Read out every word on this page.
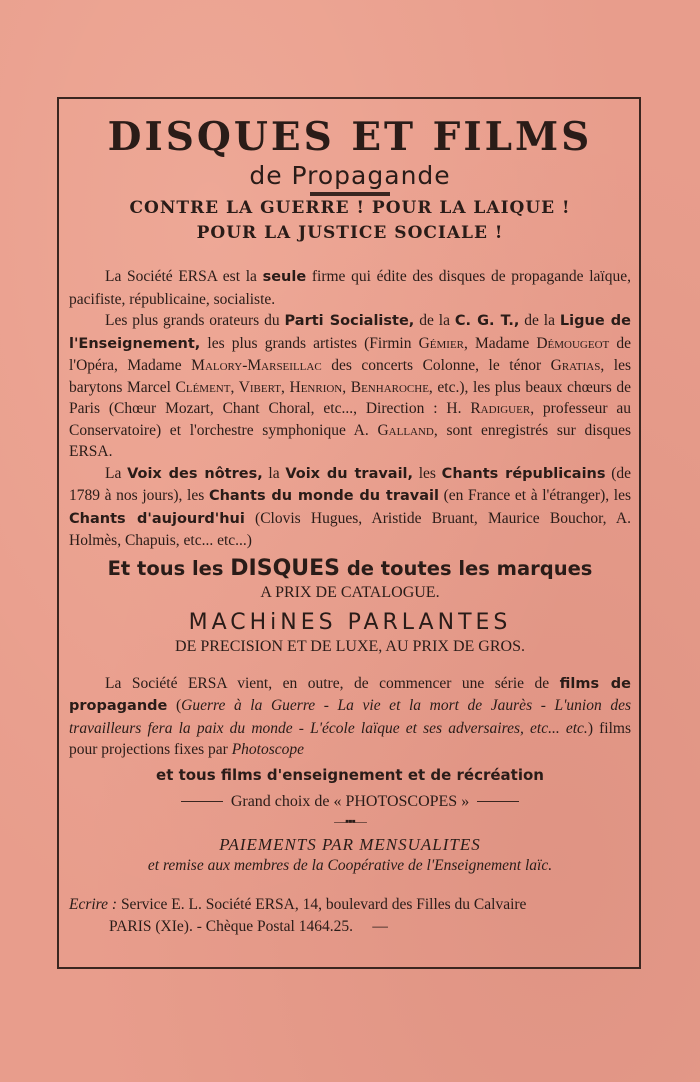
DISQUES ET FILMS
de Propagande
CONTRE LA GUERRE ! POUR LA LAIQUE !
POUR LA JUSTICE SOCIALE !

La Société ERSA est la seule firme qui édite des disques de propagande laïque, pacifiste, républicaine, socialiste.

Les plus grands orateurs du Parti Socialiste, de la C. G. T., de la Ligue de l'Enseignement, les plus grands artistes (Firmin Gémier, Madame Démougeot de l'Opéra, Madame Malory-Marseillac des concerts Colonne, le ténor Gratias, les barytons Marcel Clément, Vibert, Henrion, Benharoche, etc.), les plus beaux chœurs de Paris (Chœur Mozart, Chant Choral, etc..., Direction : H. Radiguer, professeur au Conservatoire) et l'orchestre symphonique A. Galland, sont enregistrés sur disques ERSA.

La Voix des nôtres, la Voix du travail, les Chants républicains (de 1789 à nos jours), les Chants du monde du travail (en France et à l'étranger), les Chants d'aujourd'hui (Clovis Hugues, Aristide Bruant, Maurice Bouchor, A. Holmès, Chapuis, etc... etc...)

Et tous les DISQUES de toutes les marques
A PRIX DE CATALOGUE.
MACHiNES PARLANTES
DE PRECISION ET DE LUXE, AU PRIX DE GROS.

La Société ERSA vient, en outre, de commencer une série de films de propagande (Guerre à la Guerre - La vie et la mort de Jaurès - L'union des travailleurs fera la paix du monde - L'école laïque et ses adversaires, etc... etc.) films pour projections fixes par Photoscope

et tous films d'enseignement et de récréation
Grand choix de « PHOTOSCOPES »
—▪▪▪—
PAIEMENTS PAR MENSUALITES
et remise aux membres de la Coopérative de l'Enseignement laïc.
Ecrire : Service E. L. Société ERSA, 14, boulevard des Filles du Calvaire
PARIS (XIe). - Chèque Postal 1464.25.     —
